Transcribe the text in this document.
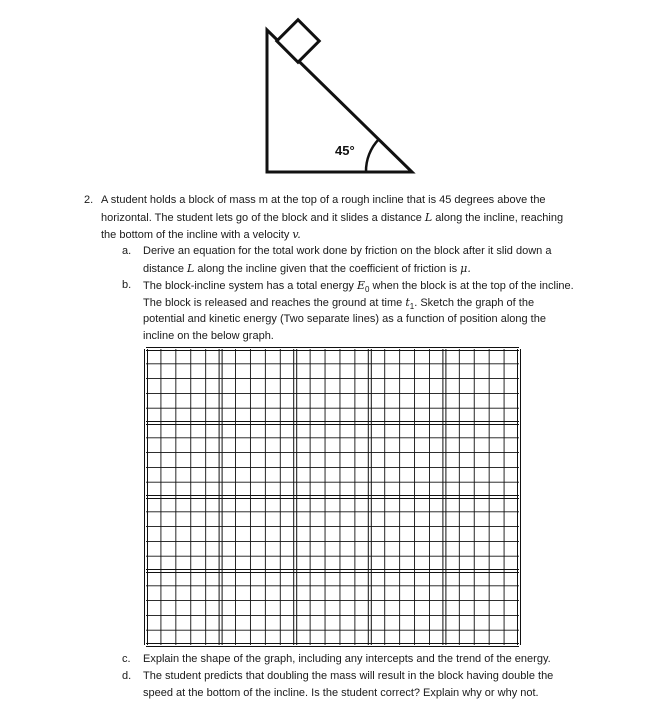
45°
2. A student holds a block of mass m at the top of a rough incline that is 45 degrees above the
horizontal. The student lets go of the block and it slides a distance L along the incline, reaching
the bottom of the incline with a velocity v.
a. Derive an equation for the total work done by friction on the block after it slid down a
distance L along the incline given that the coefficient of friction is μ.
b. The block-incline system has a total energy $E_0$ when the block is at the top of the incline.
The block is released and reaches the ground at time $t_1$. Sketch the graph of the
potential and kinetic energy (Two separate lines) as a function of position along the
incline on the below graph.
c. Explain the shape of the graph, including any intercepts and the trend of the energy.
d. The student predicts that doubling the mass will result in the block having double the
speed at the bottom of the incline. Is the student correct? Explain why or why not.
